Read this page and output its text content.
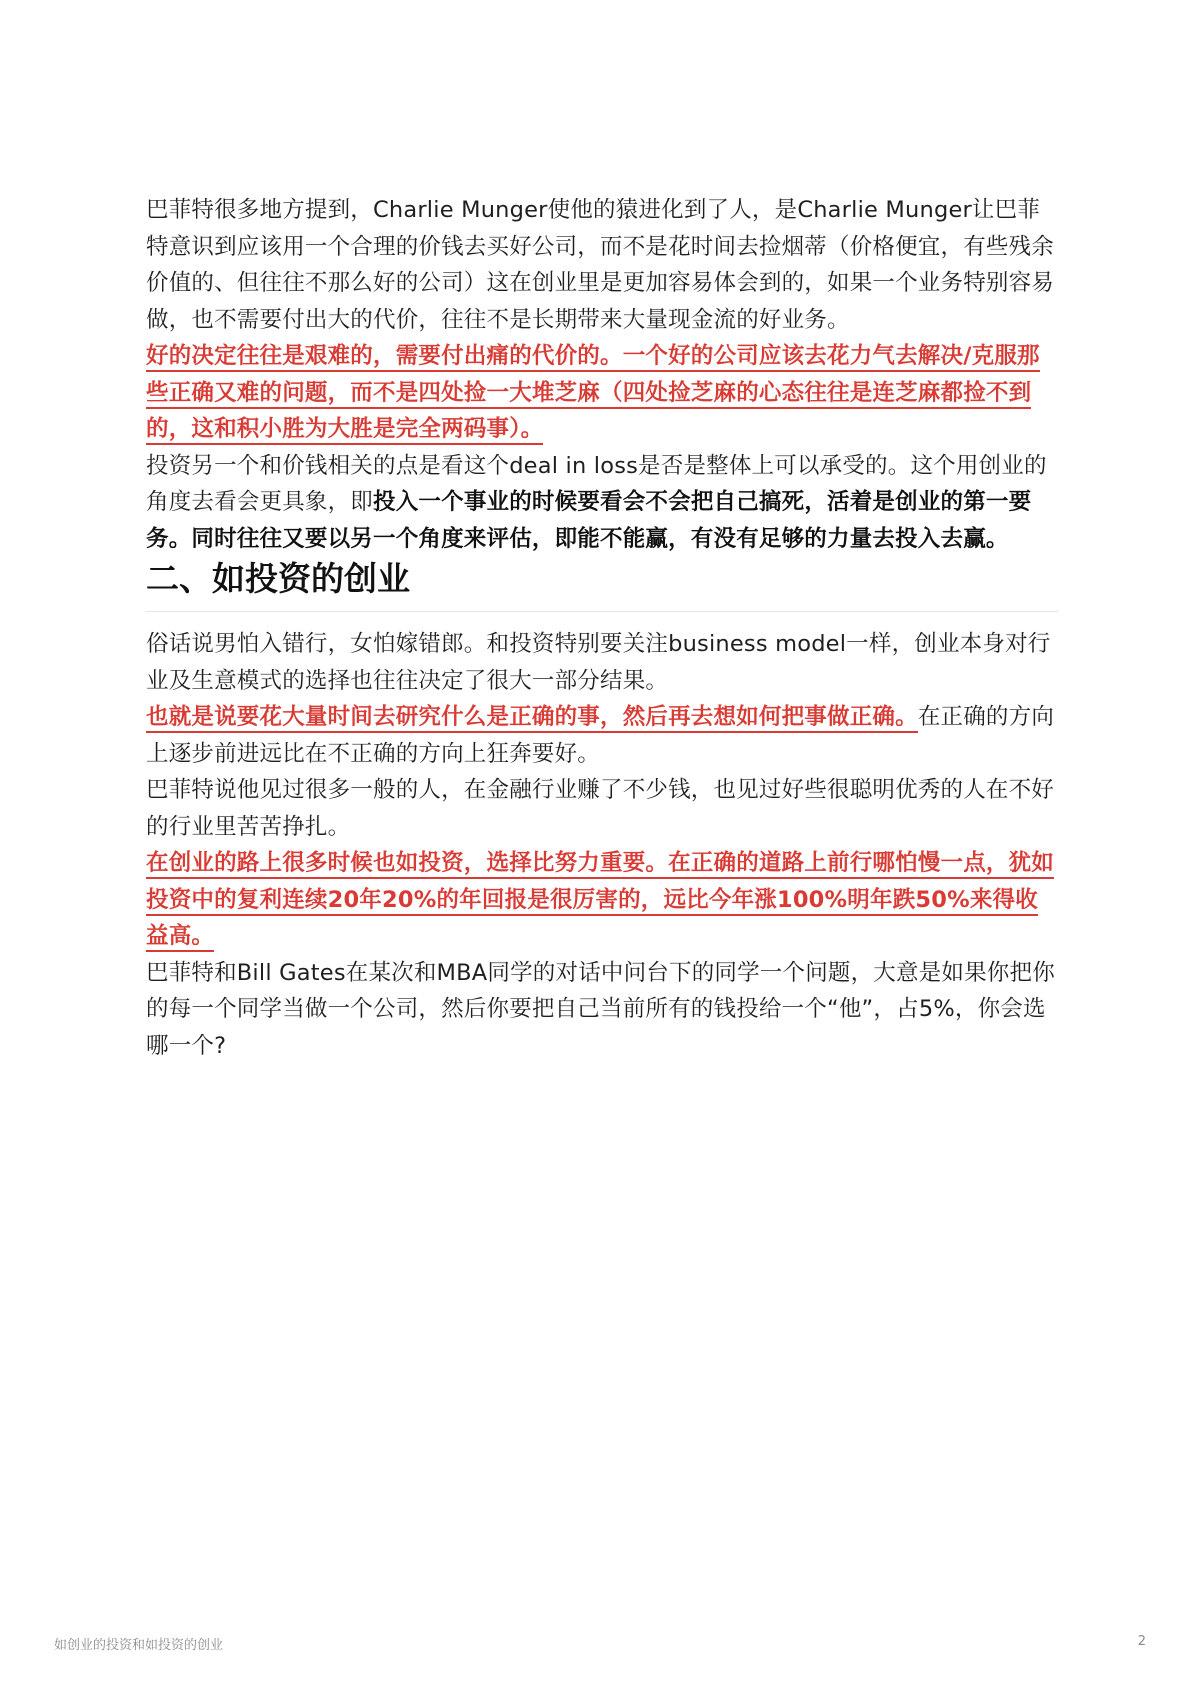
巴菲特很多地方提到，Charlie Munger使他的猿进化到了人，是Charlie Munger让巴菲特意识到应该用一个合理的价钱去买好公司，而不是花时间去捡烟蒂（价格便宜，有些残余价值的、但往往不那么好的公司）这在创业里是更加容易体会到的，如果一个业务特别容易做，也不需要付出大的代价，往往不是长期带来大量现金流的好业务。

好的决定往往是艰难的，需要付出痛的代价的。一个好的公司应该去花力气去解决/克服那些正确又难的问题，而不是四处捡一大堆芝麻（四处捡芝麻的心态往往是连芝麻都捡不到的，这和积小胜为大胜是完全两码事）。

投资另一个和价钱相关的点是看这个deal in loss是否是整体上可以承受的。这个用创业的角度去看会更具象，即投入一个事业的时候要看会不会把自己搞死，活着是创业的第一要务。同时往往又要以另一个角度来评估，即能不能赢，有没有足够的力量去投入去赢。

二、如投资的创业

俗话说男怕入错行，女怕嫁错郎。和投资特别要关注business model一样，创业本身对行业及生意模式的选择也往往决定了很大一部分结果。

也就是说要花大量时间去研究什么是正确的事，然后再去想如何把事做正确。在正确的方向上逐步前进远比在不正确的方向上狂奔要好。

巴菲特说他见过很多一般的人，在金融行业赚了不少钱，也见过好些很聪明优秀的人在不好的行业里苦苦挣扎。

在创业的路上很多时候也如投资，选择比努力重要。在正确的道路上前行哪怕慢一点，犹如投资中的复利连续20年20%的年回报是很厉害的，远比今年涨100%明年跌50%来得收益高。

巴菲特和Bill Gates在某次和MBA同学的对话中问台下的同学一个问题，大意是如果你把你的每一个同学当做一个公司，然后你要把自己当前所有的钱投给一个“他”，占5%，你会选哪一个?

如创业的投资和如投资的创业	2
